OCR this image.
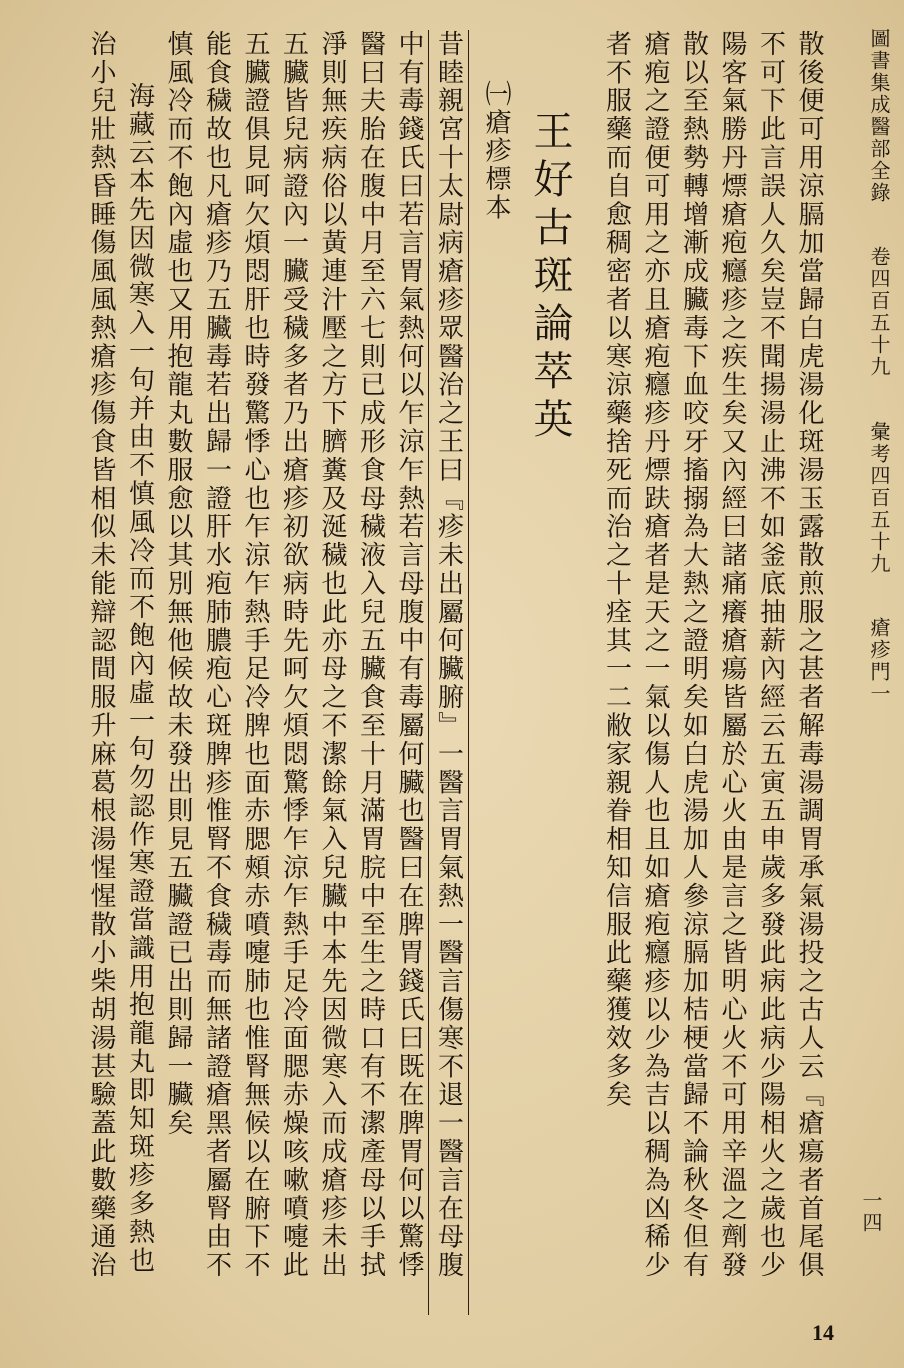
圖書集成醫部全錄 卷四百五十九 彙考四百五十九 瘡疹門一
一四
散後便可用涼膈加當歸白虎湯化斑湯玉露散煎服之甚者解毒湯調胃承氣湯投之古人云『瘡瘍者首尾俱
不可下此言誤人久矣豈不聞揚湯止沸不如釜底抽薪內經云五寅五申歲多發此病此病少陽相火之歲也少
陽客氣勝丹熛瘡疱癮疹之疾生矣又內經曰諸痛癢瘡瘍皆屬於心火由是言之皆明心火不可用辛溫之劑發
散以至熱勢轉增漸成臟毒下血咬牙搐搦為大熱之證明矣如白虎湯加人參涼膈加桔梗當歸不論秋冬但有
瘡疱之證便可用之亦且瘡疱癮疹丹熛趺瘡者是天之一氣以傷人也且如瘡疱癮疹以少為吉以稠為凶稀少
者不服藥而自愈稠密者以寒涼藥捨死而治之十痊其一二敝家親眷相知信服此藥獲效多矣
王好古斑論萃英
㈠瘡疹標本
昔睦親宮十太尉病瘡疹眾醫治之王曰『疹未出屬何臟腑』一醫言胃氣熱一醫言傷寒不退一醫言在母腹
中有毒錢氏曰若言胃氣熱何以乍涼乍熱若言母腹中有毒屬何臟也醫曰在脾胃錢氏曰既在脾胃何以驚悸
醫曰夫胎在腹中月至六七則已成形食母穢液入兒五臟食至十月滿胃脘中至生之時口有不潔產母以手拭
淨則無疾病俗以黃連汁壓之方下臍糞及涎穢也此亦母之不潔餘氣入兒臟中本先因微寒入而成瘡疹未出
五臟皆兒病證內一臟受穢多者乃出瘡疹初欲病時先呵欠煩悶驚悸乍涼乍熱手足冷面腮赤燥咳嗽噴嚏此
五臟證俱見呵欠煩悶肝也時發驚悸心也乍涼乍熱手足冷脾也面赤腮頰赤噴嚏肺也惟腎無候以在腑下不
能食穢故也凡瘡疹乃五臟毒若出歸一證肝水疱肺膿疱心斑脾疹惟腎不食穢毒而無諸證瘡黑者屬腎由不
慎風冷而不飽內虛也又用抱龍丸數服愈以其別無他候故未發出則見五臟證已出則歸一臟矣
海藏云本先因微寒入一句并由不慎風冷而不飽內虛一句勿認作寒證當識用抱龍丸即知斑疹多熱也
治小兒壯熱昏睡傷風風熱瘡疹傷食皆相似未能辯認間服升麻葛根湯惺惺散小柴胡湯甚驗蓋此數藥通治
14
